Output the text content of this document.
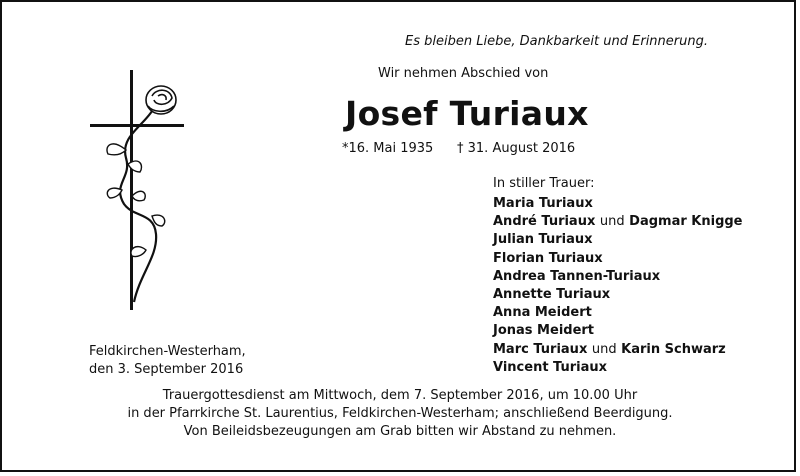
Es bleiben Liebe, Dankbarkeit und Erinnerung.
Wir nehmen Abschied von
Josef Turiaux
*16. Mai 1935 † 31. August 2016
In stiller Trauer:
Maria Turiaux
André Turiaux und Dagmar Knigge
Julian Turiaux
Florian Turiaux
Andrea Tannen-Turiaux
Annette Turiaux
Anna Meidert
Jonas Meidert
Marc Turiaux und Karin Schwarz
Vincent Turiaux
Feldkirchen-Westerham,
den 3. September 2016
Trauergottesdienst am Mittwoch, dem 7. September 2016, um 10.00 Uhr
in der Pfarrkirche St. Laurentius, Feldkirchen-Westerham; anschließend Beerdigung.
Von Beileidsbezeugungen am Grab bitten wir Abstand zu nehmen.
